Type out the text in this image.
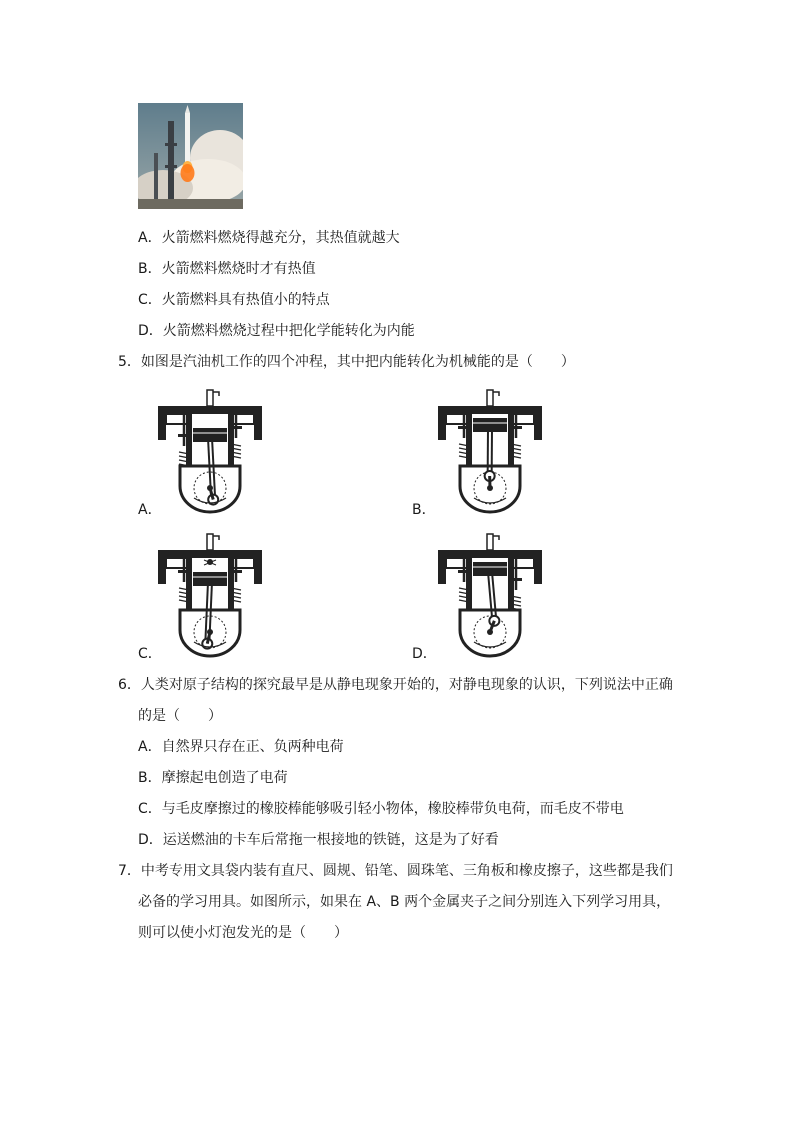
A．火箭燃料燃烧得越充分，其热值就越大
B．火箭燃料燃烧时才有热值
C．火箭燃料具有热值小的特点
D．火箭燃料燃烧过程中把化学能转化为内能
5．如图是汽油机工作的四个冲程，其中把内能转化为机械能的是（　　）
A．	B．
C．	D．
6．人类对原子结构的探究最早是从静电现象开始的，对静电现象的认识，下列说法中正确
的是（　　）
A．自然界只存在正、负两种电荷
B．摩擦起电创造了电荷
C．与毛皮摩擦过的橡胶棒能够吸引轻小物体，橡胶棒带负电荷，而毛皮不带电
D．运送燃油的卡车后常拖一根接地的铁链，这是为了好看
7．中考专用文具袋内装有直尺、圆规、铅笔、圆珠笔、三角板和橡皮擦子，这些都是我们
必备的学习用具。如图所示，如果在 A、B 两个金属夹子之间分别连入下列学习用具，
则可以使小灯泡发光的是（　　）
